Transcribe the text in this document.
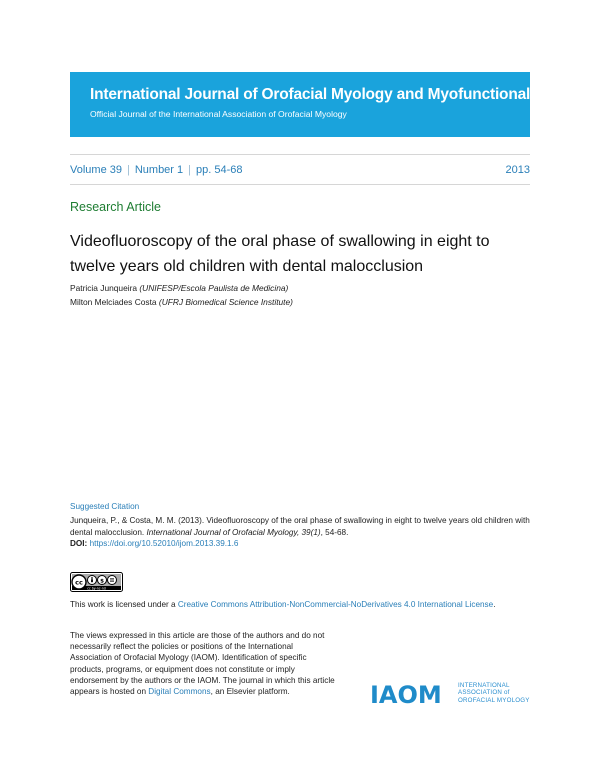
International Journal of Orofacial Myology and Myofunctional Therapy
Official Journal of the International Association of Orofacial Myology
Volume 39 | Number 1 | pp. 54-68	2013
Research Article
Videofluoroscopy of the oral phase of swallowing in eight to twelve years old children with dental malocclusion
Patricia Junqueira (UNIFESP/Escola Paulista de Medicina)
Milton Melciades Costa (UFRJ Biomedical Science Institute)
Suggested Citation

Junqueira, P., & Costa, M. M. (2013). Videofluoroscopy of the oral phase of swallowing in eight to twelve years old children with dental malocclusion. International Journal of Orofacial Myology, 39(1), 54-68.

DOI: https://doi.org/10.52010/ijom.2013.39.1.6
cc	$
cc by-nc-nd
This work is licensed under a Creative Commons Attribution-NonCommercial-NoDerivatives 4.0 International License.

The views expressed in this article are those of the authors and do not necessarily reflect the policies or positions of the International Association of Orofacial Myology (IAOM). Identification of specific products, programs, or equipment does not constitute or imply endorsement by the authors or the IAOM. The journal in which this article appears is hosted on Digital Commons, an Elsevier platform.	IAOM	INTERNATIONAL
ASSOCIATION of
OROFACIAL MYOLOGY
